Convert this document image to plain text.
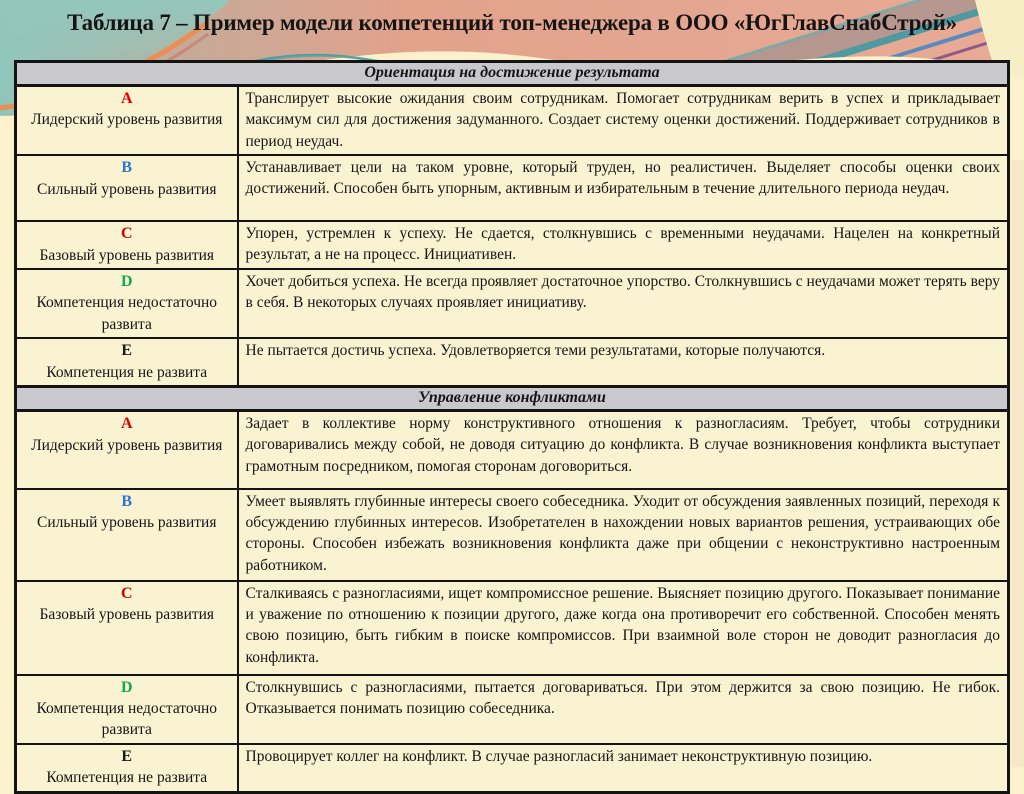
Таблица 7 – Пример модели компетенций топ-менеджера в ООО «ЮгГлавСнабСтрой»
Ориентация на достижение результата	

A
Лидерский уровень развития	Транслирует высокие ожидания своим сотрудникам. Помогает сотрудникам верить в успех и прикладывает максимум сил для достижения задуманного. Создает систему оценки достижений. Поддерживает сотрудников в период неудач.

B
Сильный уровень развития	Устанавливает цели на таком уровне, который труден, но реалистичен. Выделяет способы оценки своих достижений. Способен быть упорным, активным и избирательным в течение длительного периода неудач.

C
Базовый уровень развития	Упорен, устремлен к успеху. Не сдается, столкнувшись с временными неудачами. Нацелен на конкретный результат, а не на процесс. Инициативен.

D
Компетенция недостаточно развита	Хочет добиться успеха. Не всегда проявляет достаточное упорство. Столкнувшись с неудачами может терять веру в себя. В некоторых случаях проявляет инициативу.

E
Компетенция не развита	Не пытается достичь успеха. Удовлетворяется теми результатами, которые получаются.
Управление конфликтами	

A
Лидерский уровень развития	Задает в коллективе норму конструктивного отношения к разногласиям. Требует, чтобы сотрудники договаривались между собой, не доводя ситуацию до конфликта. В случае возникновения конфликта выступает грамотным посредником, помогая сторонам договориться.

B
Сильный уровень развития	Умеет выявлять глубинные интересы своего собеседника. Уходит от обсуждения заявленных позиций, переходя к обсуждению глубинных интересов. Изобретателен в нахождении новых вариантов решения, устраивающих обе стороны. Способен избежать возникновения конфликта даже при общении с неконструктивно настроенным работником.

C
Базовый уровень развития	Сталкиваясь с разногласиями, ищет компромиссное решение. Выясняет позицию другого. Показывает понимание и уважение по отношению к позиции другого, даже когда она противоречит его собственной. Способен менять свою позицию, быть гибким в поиске компромиссов. При взаимной воле сторон не доводит разногласия до конфликта.

D
Компетенция недостаточно развита	Столкнувшись с разногласиями, пытается договариваться. При этом держится за свою позицию. Не гибок. Отказывается понимать позицию собеседника.

E
Компетенция не развита	Провоцирует коллег на конфликт. В случае разногласий занимает неконструктивную позицию.
